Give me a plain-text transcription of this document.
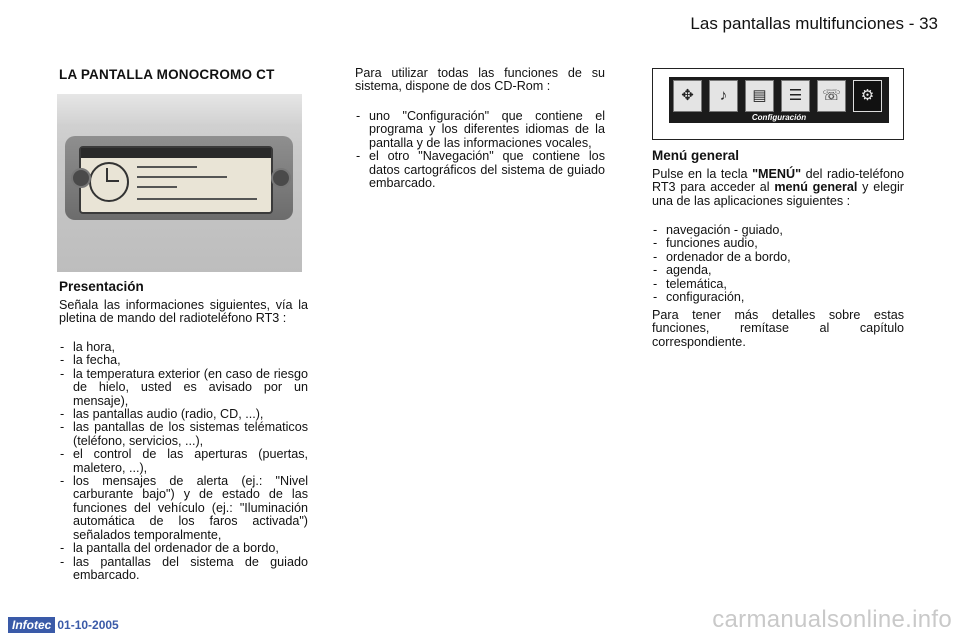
Las pantallas multifunciones - 33
LA PANTALLA MONOCROMO CT
Presentación
Señala las informaciones siguientes, vía la pletina de mando del radioteléfono RT3 :
- la hora,
- la fecha,
- la temperatura exterior (en caso de riesgo de hielo, usted es avisado por un mensaje),
- las pantallas audio (radio, CD, ...),
- las pantallas de los sistemas telématicos (teléfono, servicios, ...),
- el control de las aperturas (puertas, maletero, ...),
- los mensajes de alerta (ej.: "Nivel carburante bajo") y de estado de las funciones del vehículo (ej.: "Iluminación automática de los faros activada") señalados temporalmente,
- la pantalla del ordenador de a bordo,
- las pantallas del sistema de guiado embarcado.
Para utilizar todas las funciones de su sistema, dispone de dos CD-Rom :
- uno "Configuración" que contiene el programa y los diferentes idiomas de la pantalla y de las informaciones vocales,
- el otro "Navegación" que contiene los datos cartográficos del sistema de guiado embarcado.
✥	♪	▤	☰	☏	⚙
Configuración
Menú general
Pulse en la tecla "MENÚ" del radio-teléfono RT3 para acceder al menú general y elegir una de las aplicaciones siguientes :
- navegación - guiado,
- funciones audio,
- ordenador de a bordo,
- agenda,
- telemática,
- configuración,
Para tener más detalles sobre estas funciones, remítase al capítulo correspondiente.
Infotec 01-10-2005	carmanualsonline.info
